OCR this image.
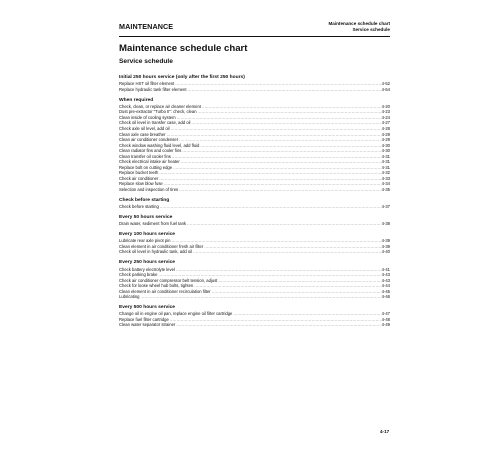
MAINTENANCE	Maintenance schedule chart
Service schedule
Maintenance schedule chart
Service schedule
Initial 250 hours service (only after the first 250 hours)
Replace HST oil filter element .....	4-52
Replace hydraulic tank filter element .....	4-54
When required
Check, clean, or replace air cleaner element .....	4-20
Dust pre-extractor "Turbo II": check, clean .....	4-23
Clean inside of cooling system .....	4-24
Check oil level in transfer case, add oil .....	4-27
Check axle oil level, add oil .....	4-28
Clean axle case breather .....	4-29
Clean air conditioner condenser .....	4-29
Check window washing fluid level, add fluid .....	4-30
Clean radiator fins and cooler fins .....	4-30
Clean transfer oil cooler fins .....	4-31
Check electrical intake air heater .....	4-31
Replace bolt on cutting edge .....	4-31
Replace bucket teeth .....	4-32
Check air conditioner .....	4-33
Replace slow blow fuse .....	4-34
Selection and inspection of tires .....	4-35
Check before starting
Check before starting .....	4-37
Every 50 hours service
Drain water, sediment from fuel tank .....	4-38
Every 100 hours service
Lubricate rear axle pivot pin .....	4-39
Clean element in air conditioner fresh air filter .....	4-39
Check oil level in hydraulic tank, add oil .....	4-40
Every 250 hours service
Check battery electrolyte level .....	4-41
Check parking brake .....	4-43
Check air conditioner compressor belt tension, adjust .....	4-43
Check for loose wheel hub bolts, tighten .....	4-44
Clean element in air conditioner recirculation filter .....	4-45
Lubricating .....	4-46
Every 500 hours service
Change oil in engine oil pan, replace engine oil filter cartridge .....	4-47
Replace fuel filter cartridge .....	4-48
Clean water separator strainer .....	4-49
4-17
